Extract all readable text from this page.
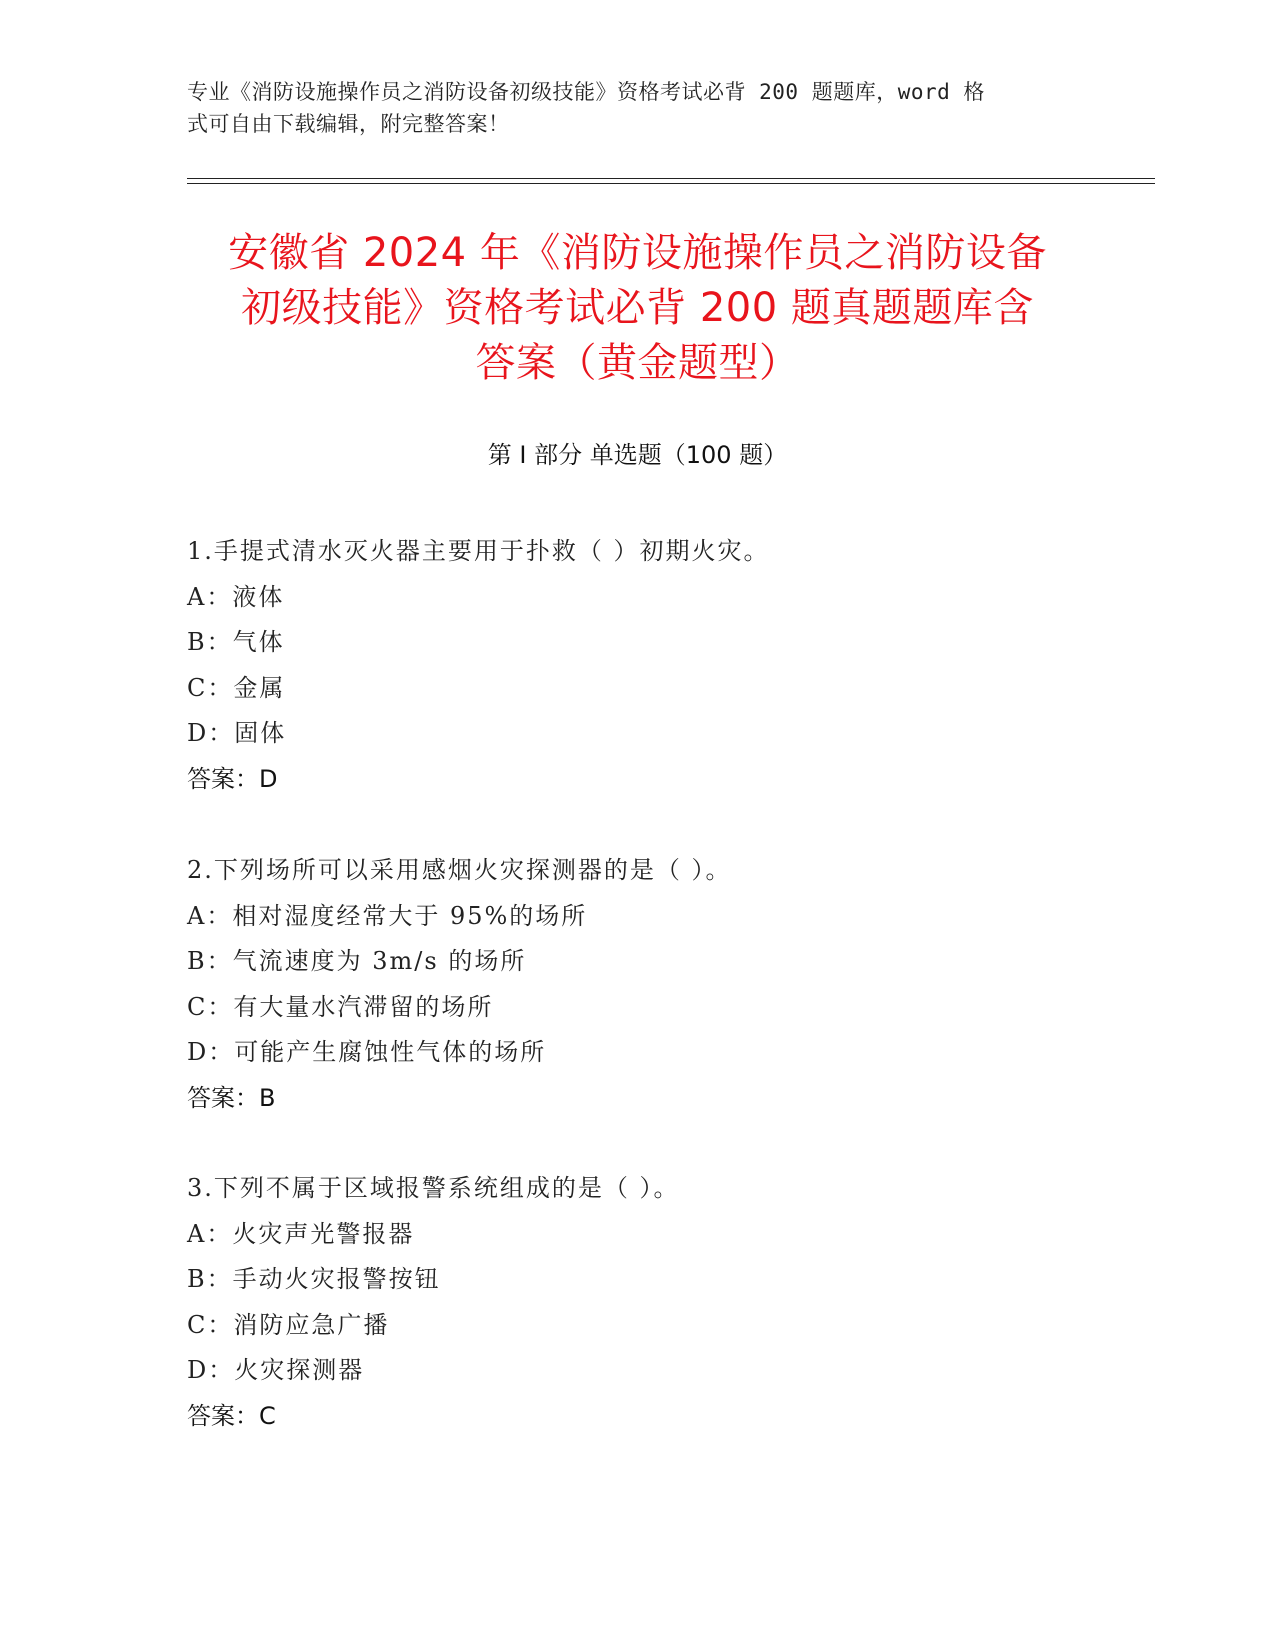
专业《消防设施操作员之消防设备初级技能》资格考试必背 200 题题库，word 格
式可自由下载编辑，附完整答案！
安徽省 2024 年《消防设施操作员之消防设备
初级技能》资格考试必背 200 题真题题库含
答案（黄金题型）
第 I 部分 单选题（100 题）
1.手提式清水灭火器主要用于扑救（ ）初期火灾。
A：液体
B：气体
C：金属
D：固体
答案：D
2.下列场所可以采用感烟火灾探测器的是（ ）。
A：相对湿度经常大于 95%的场所
B：气流速度为 3m/s 的场所
C：有大量水汽滞留的场所
D：可能产生腐蚀性气体的场所
答案：B
3.下列不属于区域报警系统组成的是（ ）。
A：火灾声光警报器
B：手动火灾报警按钮
C：消防应急广播
D：火灾探测器
答案：C
